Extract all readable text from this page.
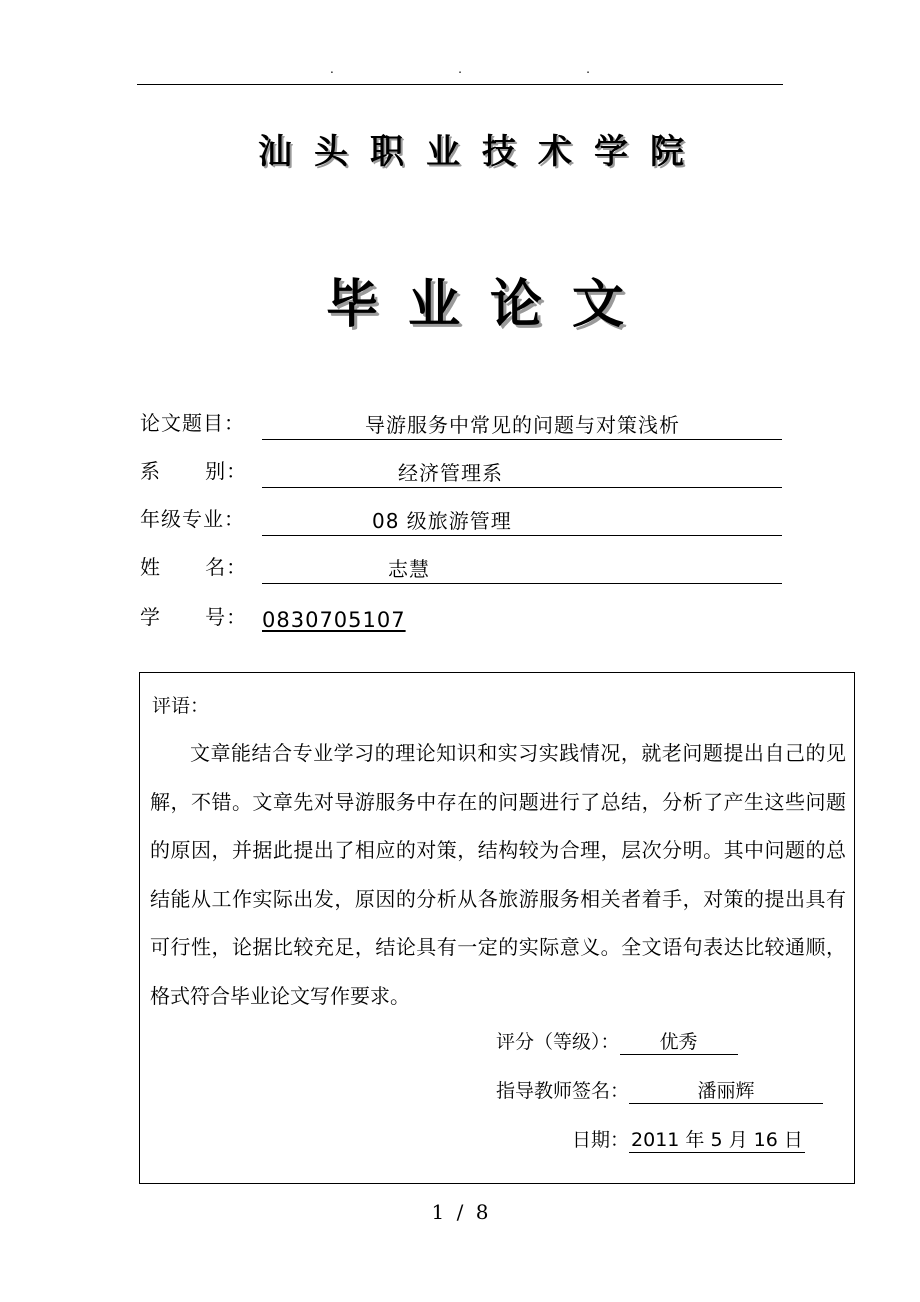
.	.	.
汕头职业技术学院
毕业论文
论文题目：	导游服务中常见的问题与对策浅析
系      别：	经济管理系
年级专业：	08 级旅游管理
姓      名：	志慧
学      号： 0830705107
评语：
文章能结合专业学习的理论知识和实习实践情况，就老问题提出自己的见解，不错。文章先对导游服务中存在的问题进行了总结，分析了产生这些问题的原因，并据此提出了相应的对策，结构较为合理，层次分明。其中问题的总结能从工作实际出发，原因的分析从各旅游服务相关者着手，对策的提出具有可行性，论据比较充足，结论具有一定的实际意义。全文语句表达比较通顺，格式符合毕业论文写作要求。
评分（等级）： 优秀
指导教师签名：	潘丽辉
日期： 2011 年 5 月 16 日
1 / 8
